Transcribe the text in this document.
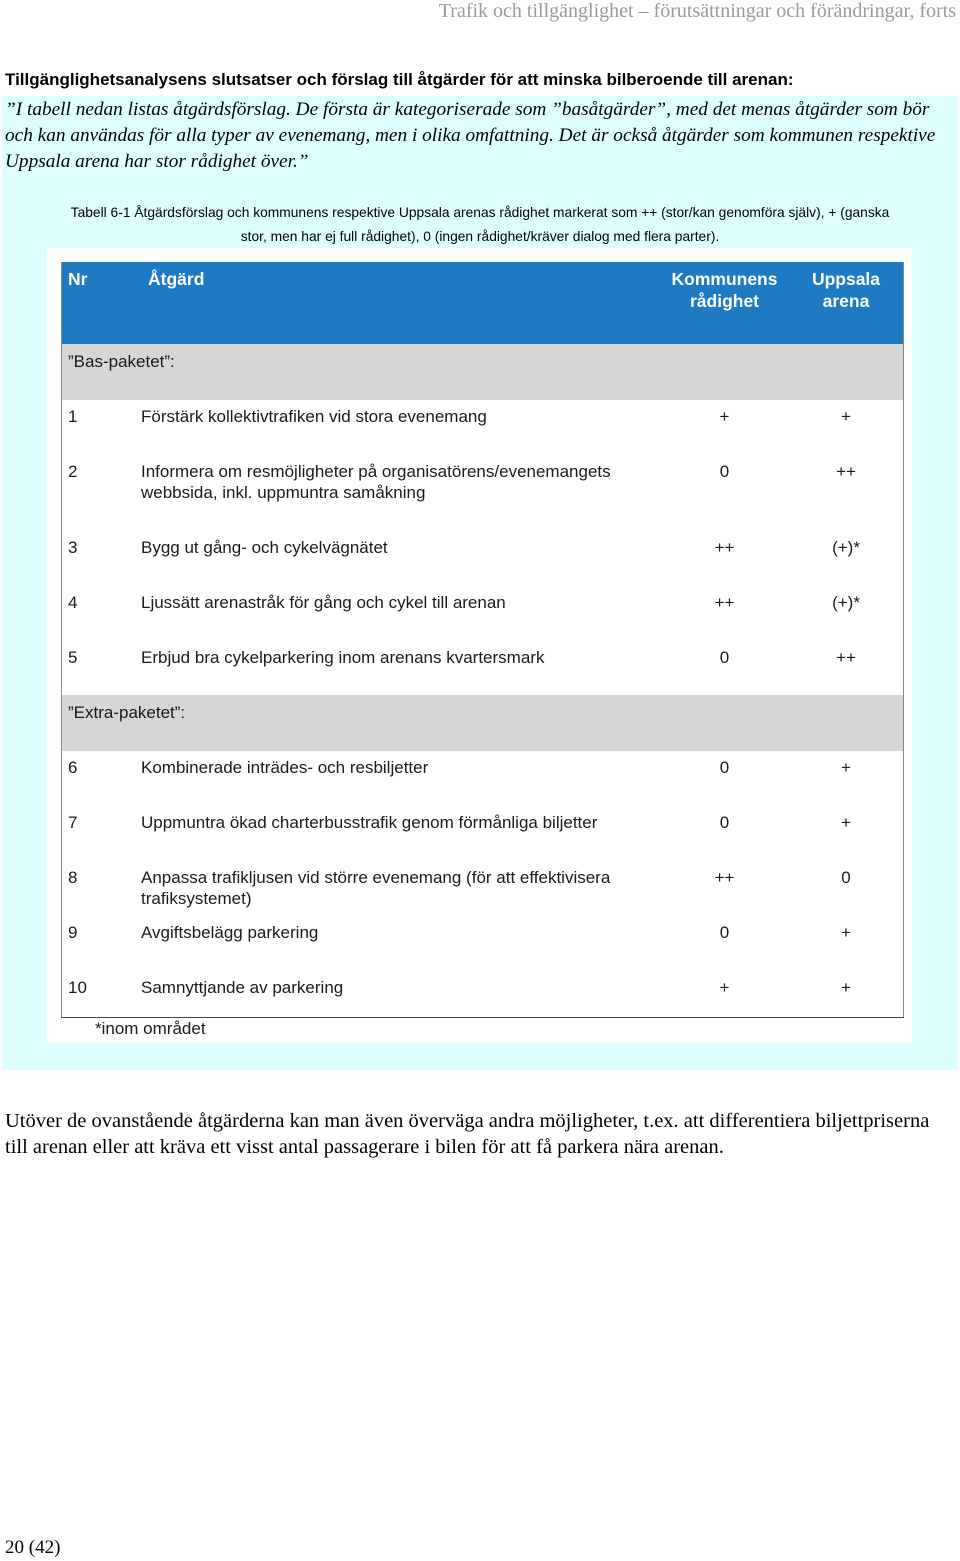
Trafik och tillgänglighet – förutsättningar och förändringar, forts
Tillgänglighetsanalysens slutsatser och förslag till åtgärder för att minska bilberoende till arenan:
”I tabell nedan listas åtgärdsförslag. De första är kategoriserade som ”basåtgärder”, med det menas åtgärder som bör och kan användas för alla typer av evenemang, men i olika omfattning. Det är också åtgärder som kommunen respektive Uppsala arena har stor rådighet över.”
Tabell 6-1 Åtgärdsförslag och kommunens respektive Uppsala arenas rådighet markerat som ++ (stor/kan genomföra själv), + (ganska stor, men har ej full rådighet), 0 (ingen rådighet/kräver dialog med flera parter).
Nr	Åtgärd	Kommunens rådighet	Uppsala arena
”Bas-paketet”:			
1	Förstärk kollektivtrafiken vid stora evenemang	+	+
2	Informera om resmöjligheter på organisatörens/evenemangets webbsida, inkl. uppmuntra samåkning	0	++
3	Bygg ut gång- och cykelvägnätet	++	(+)*
4	Ljussätt arenastråk för gång och cykel till arenan	++	(+)*
5	Erbjud bra cykelparkering inom arenans kvartersmark	0	++
”Extra-paketet”:			
6	Kombinerade inträdes- och resbiljetter	0	+
7	Uppmuntra ökad charterbusstrafik genom förmånliga biljetter	0	+
8	Anpassa trafikljusen vid större evenemang (för att effektivisera trafiksystemet)	++	0
9	Avgiftsbelägg parkering	0	+
10	Samnyttjande av parkering	+	+
*inom området
Utöver de ovanstående åtgärderna kan man även överväga andra möjligheter, t.ex. att differentiera biljettpriserna till arenan eller att kräva ett visst antal passagerare i bilen för att få parkera nära arenan.
20 (42)
